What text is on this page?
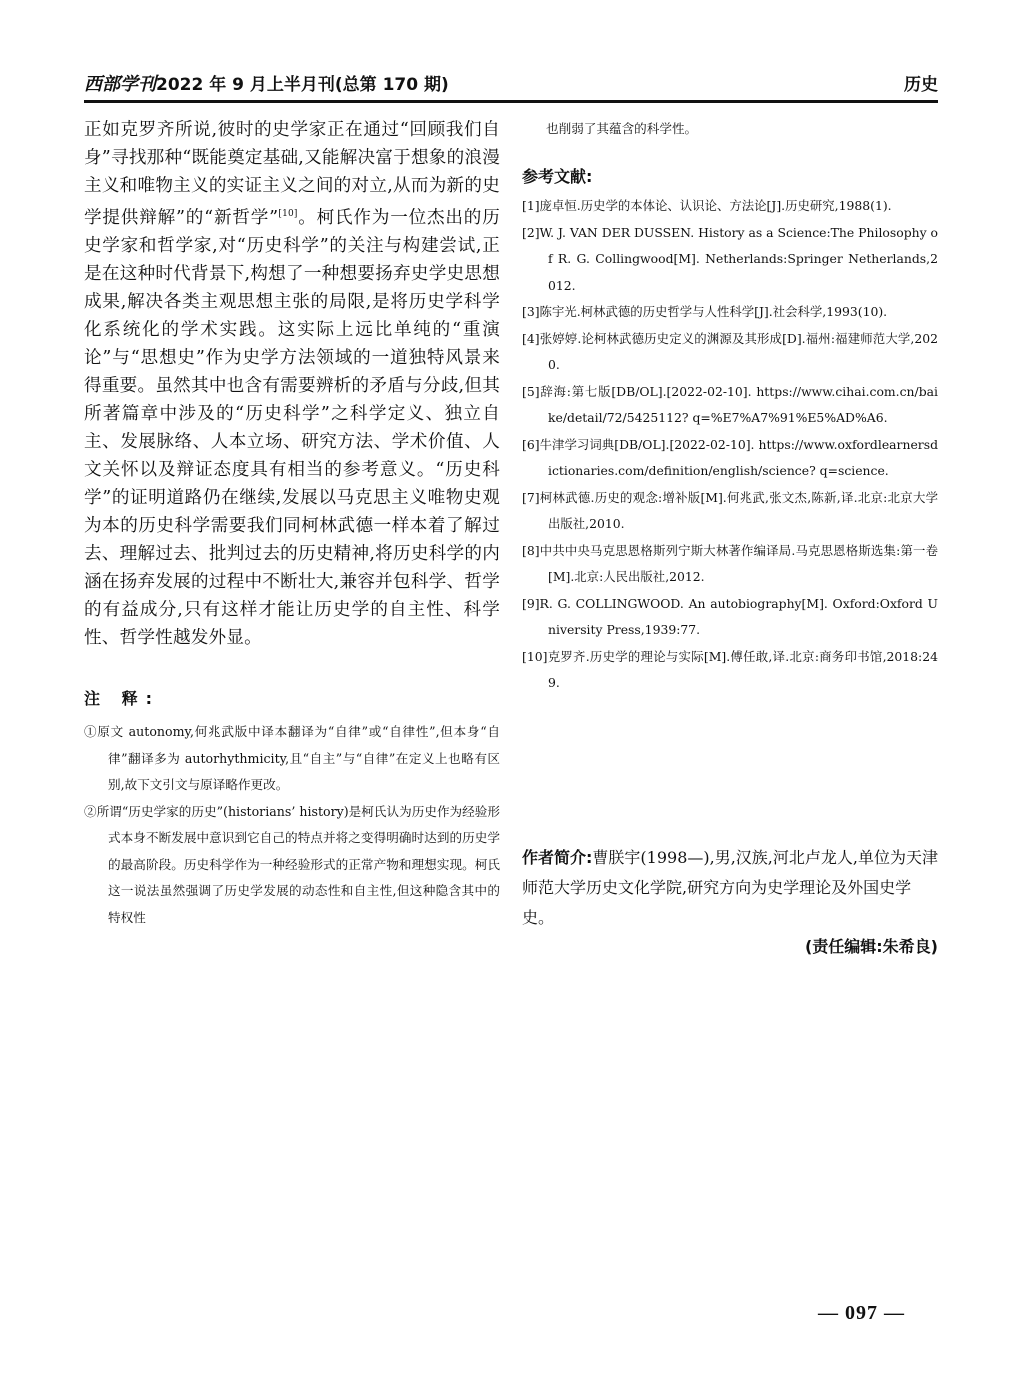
西部学刊2022 年 9 月上半月刊(总第 170 期)	历史

正如克罗齐所说,彼时的史学家正在通过“回顾我们自身”寻找那种“既能奠定基础,又能解决富于想象的浪漫主义和唯物主义的实证主义之间的对立,从而为新的史学提供辩解”的“新哲学”[10]。柯氏作为一位杰出的历史学家和哲学家,对“历史科学”的关注与构建尝试,正是在这种时代背景下,构想了一种想要扬弃史学史思想成果,解决各类主观思想主张的局限,是将历史学科学化系统化的学术实践。这实际上远比单纯的“重演论”与“思想史”作为史学方法领域的一道独特风景来得重要。虽然其中也含有需要辨析的矛盾与分歧,但其所著篇章中涉及的“历史科学”之科学定义、独立自主、发展脉络、人本立场、研究方法、学术价值、人文关怀以及辩证态度具有相当的参考意义。“历史科学”的证明道路仍在继续,发展以马克思主义唯物史观为本的历史科学需要我们同柯林武德一样本着了解过去、理解过去、批判过去的历史精神,将历史科学的内涵在扬弃发展的过程中不断壮大,兼容并包科学、哲学的有益成分,只有这样才能让历史学的自主性、科学性、哲学性越发外显。

注 释:

①原文 autonomy,何兆武版中译本翻译为“自律”或“自律性”,但本身“自律”翻译多为 autorhythmicity,且“自主”与“自律”在定义上也略有区别,故下文引文与原译略作更改。

②所谓“历史学家的历史”(historians’ history)是柯氏认为历史作为经验形式本身不断发展中意识到它自己的特点并将之变得明确时达到的历史学的最高阶段。历史科学作为一种经验形式的正常产物和理想实现。柯氏这一说法虽然强调了历史学发展的动态性和自主性,但这种隐含其中的特权性

也削弱了其蕴含的科学性。

参考文献:

[1]庞卓恒.历史学的本体论、认识论、方法论[J].历史研究,1988(1).

[2]W. J. VAN DER DUSSEN. History as a Science:The Philosophy of R. G. Collingwood[M]. Netherlands:Springer Netherlands,2012.

[3]陈宇光.柯林武德的历史哲学与人性科学[J].社会科学,1993(10).

[4]张婷婷.论柯林武德历史定义的渊源及其形成[D].福州:福建师范大学,2020.

[5]辞海:第七版[DB/OL].[2022-02-10]. https://www.cihai.com.cn/baike/detail/72/5425112? q=%E7%A7%91%E5%AD%A6.

[6]牛津学习词典[DB/OL].[2022-02-10]. https://www.oxfordlearnersdictionaries.com/definition/english/science? q=science.

[7]柯林武德.历史的观念:增补版[M].何兆武,张文杰,陈新,译.北京:北京大学出版社,2010.

[8]中共中央马克思恩格斯列宁斯大林著作编译局.马克思恩格斯选集:第一卷[M].北京:人民出版社,2012.

[9]R. G. COLLINGWOOD. An autobiography[M]. Oxford:Oxford University Press,1939:77.

[10]克罗齐.历史学的理论与实际[M].傅任敢,译.北京:商务印书馆,2018:249.

作者简介:曹朕宇(1998—),男,汉族,河北卢龙人,单位为天津师范大学历史文化学院,研究方向为史学理论及外国史学史。
(责任编辑:朱希良)
— 097 —
